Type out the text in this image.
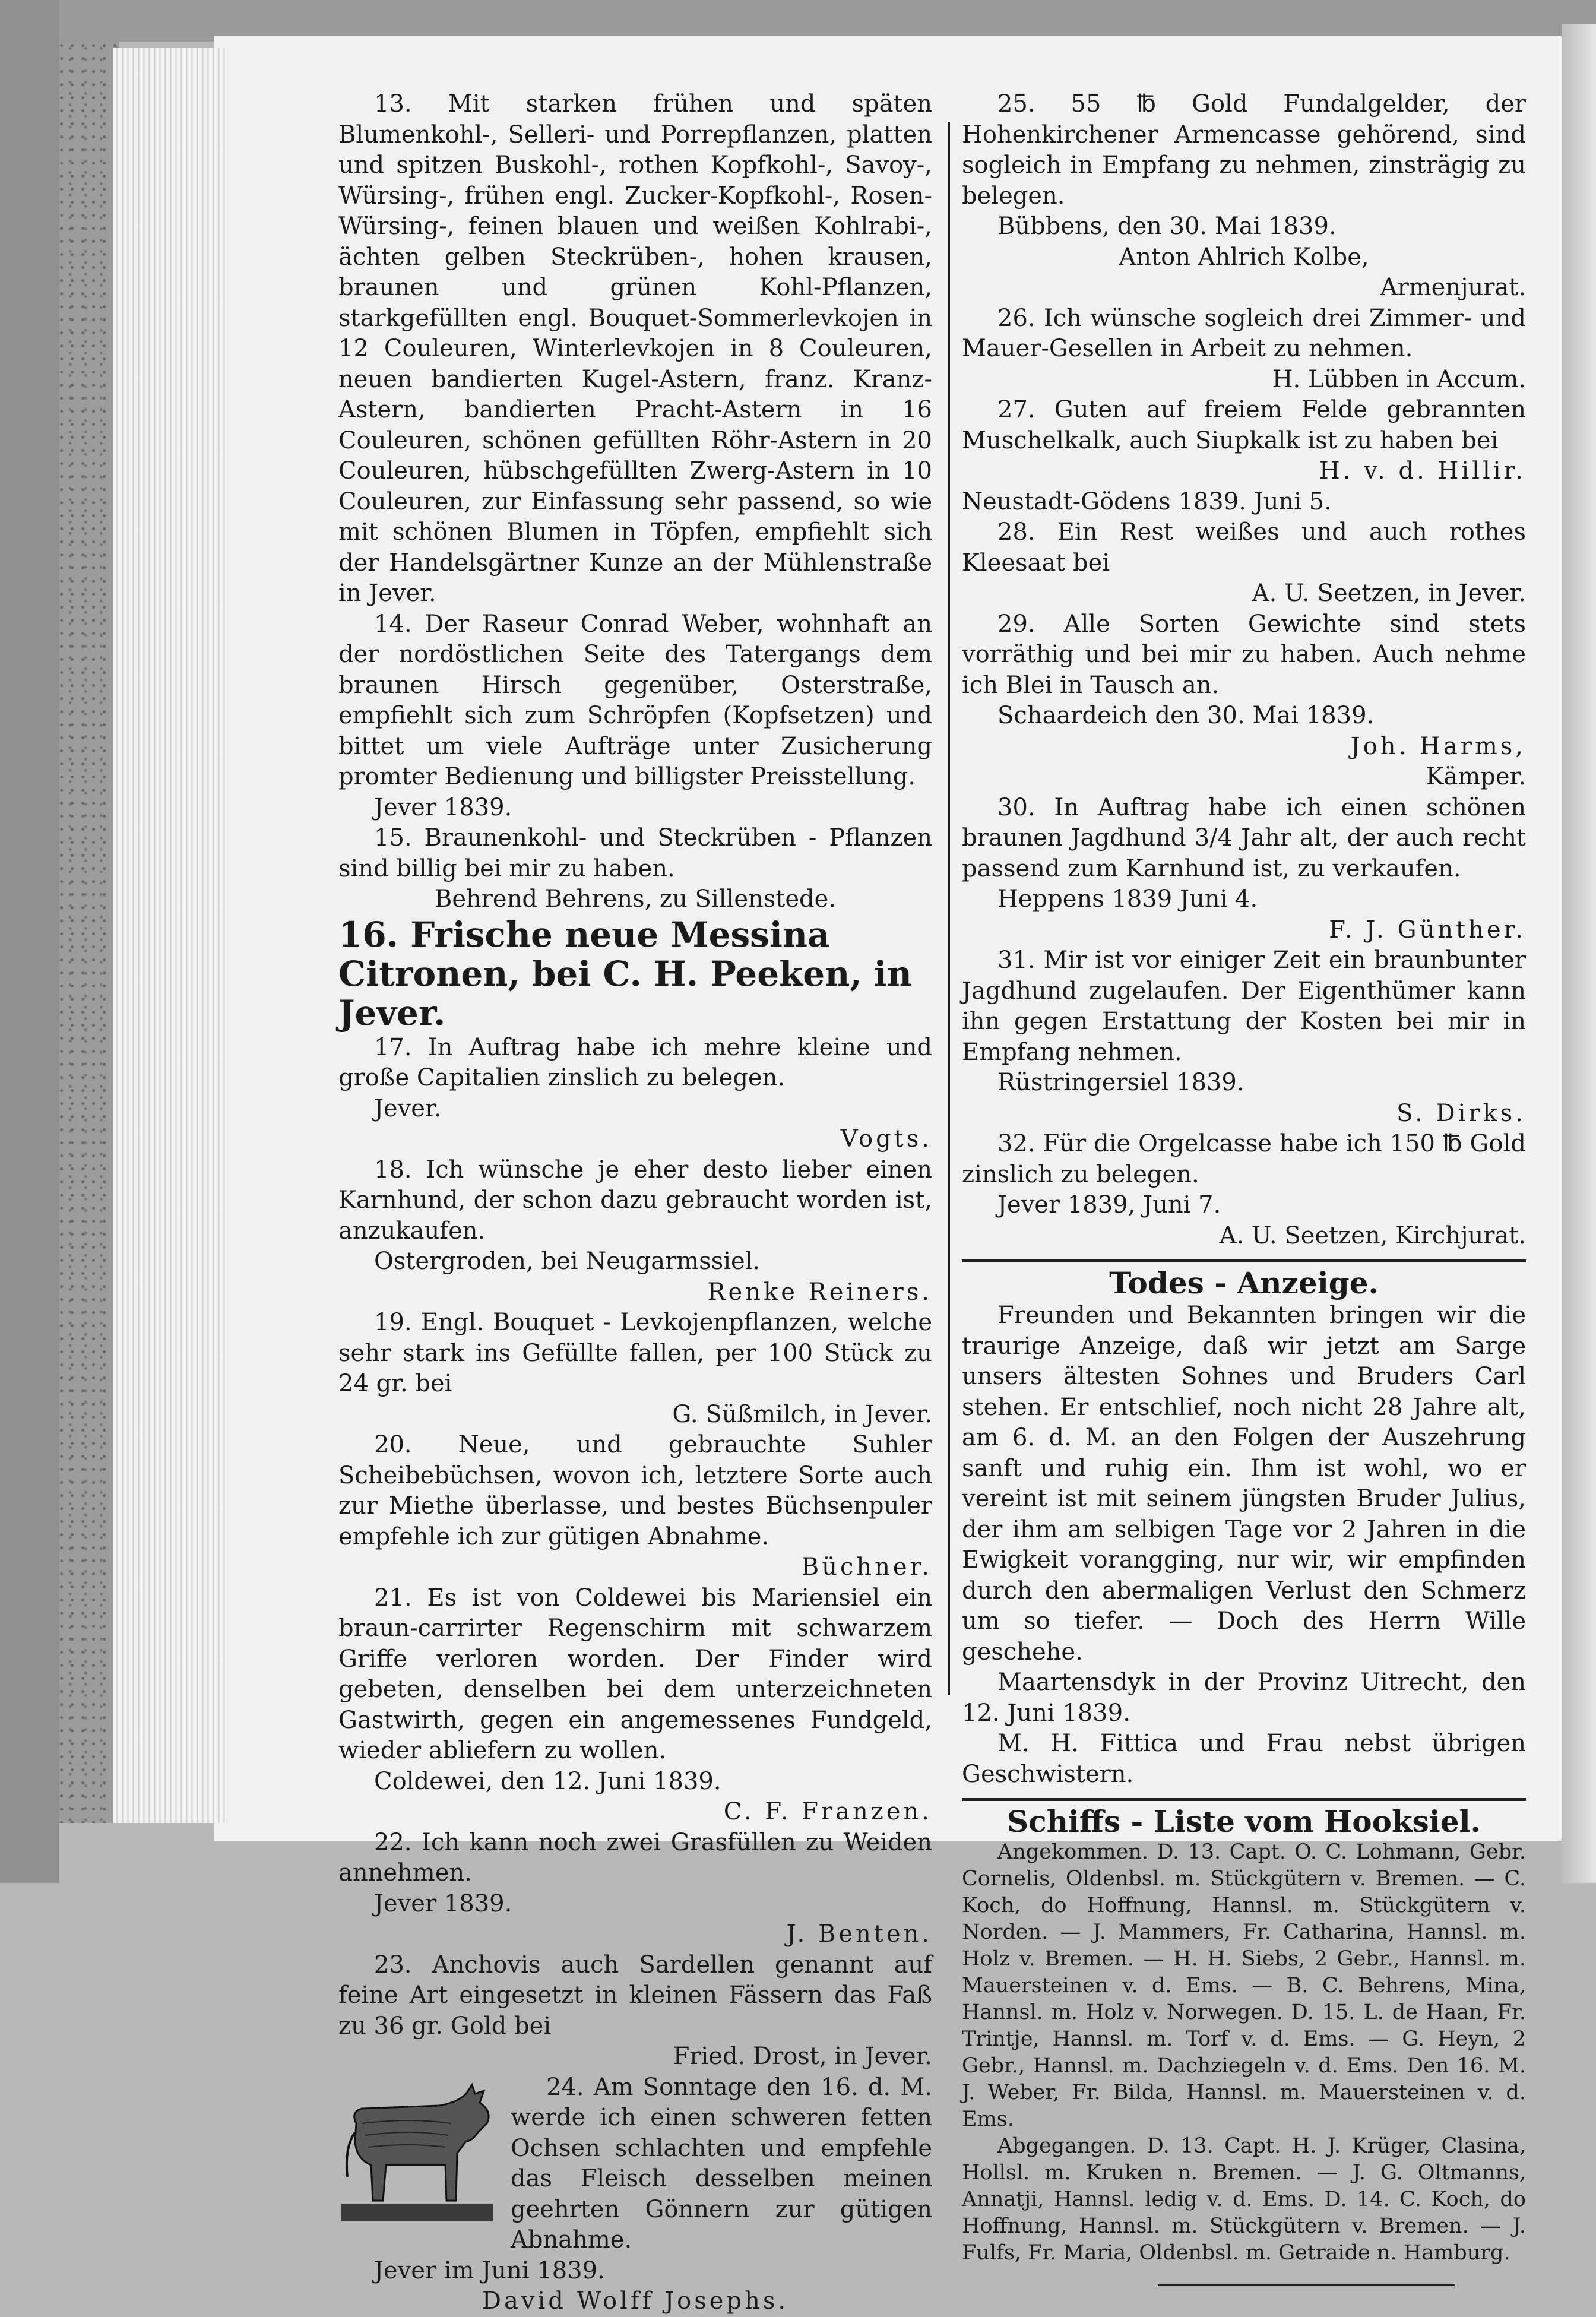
13. Mit starken frühen und späten Blumenkohl-, Selleri- und Porrepflanzen, platten und spitzen Buskohl-, rothen Kopfkohl-, Savoy-, Würsing-, frühen engl. Zucker-Kopfkohl-, Rosen-Würsing-, feinen blauen und weißen Kohlrabi-, ächten gelben Steckrüben-, hohen krausen, braunen und grünen Kohl-Pflanzen, starkgefüllten engl. Bouquet-Sommerlevkojen in 12 Couleuren, Winterlevkojen in 8 Couleuren, neuen bandierten Kugel-Astern, franz. Kranz-Astern, bandierten Pracht-Astern in 16 Couleuren, schönen gefüllten Röhr-Astern in 20 Couleuren, hübschgefüllten Zwerg-Astern in 10 Couleuren, zur Einfassung sehr passend, so wie mit schönen Blumen in Töpfen, empfiehlt sich der Handelsgärtner Kunze an der Mühlenstraße in Jever.

14. Der Raseur Conrad Weber, wohnhaft an der nordöstlichen Seite des Tatergangs dem braunen Hirsch gegenüber, Osterstraße, empfiehlt sich zum Schröpfen (Kopfsetzen) und bittet um viele Aufträge unter Zusicherung promter Bedienung und billigster Preisstellung.

Jever 1839.

15. Braunenkohl- und Steckrüben - Pflanzen sind billig bei mir zu haben.

Behrend Behrens, zu Sillenstede.

16. Frische neue Messina Citronen, bei C. H. Peeken, in Jever.

17. In Auftrag habe ich mehre kleine und große Capitalien zinslich zu belegen.

Jever.

Vogts.

18. Ich wünsche je eher desto lieber einen Karnhund, der schon dazu gebraucht worden ist, anzukaufen.

Ostergroden, bei Neugarmssiel.

Renke Reiners.

19. Engl. Bouquet - Levkojenpflanzen, welche sehr stark ins Gefüllte fallen, per 100 Stück zu 24 gr. bei

G. Süßmilch, in Jever.

20. Neue, und gebrauchte Suhler Scheibebüchsen, wovon ich, letztere Sorte auch zur Miethe überlasse, und bestes Büchsenpuler empfehle ich zur gütigen Abnahme.

Büchner.

21. Es ist von Coldewei bis Mariensiel ein braun-carrirter Regenschirm mit schwarzem Griffe verloren worden. Der Finder wird gebeten, denselben bei dem unterzeichneten Gastwirth, gegen ein angemessenes Fundgeld, wieder abliefern zu wollen.

Coldewei, den 12. Juni 1839.

C. F. Franzen.

22. Ich kann noch zwei Grasfüllen zu Weiden annehmen.

Jever 1839.

J. Benten.

23. Anchovis auch Sardellen genannt auf feine Art eingesetzt in kleinen Fässern das Faß zu 36 gr. Gold bei

Fried. Drost, in Jever.

24. Am Sonntage den 16. d. M. werde ich einen schweren fetten Ochsen schlachten und empfehle das Fleisch desselben meinen geehrten Gönnern zur gütigen Abnahme.

Jever im Juni 1839.

David Wolff Josephs.

25. 55 ℔ Gold Fundalgelder, der Hohenkirchener Armencasse gehörend, sind sogleich in Empfang zu nehmen, zinsträgig zu belegen.

Bübbens, den 30. Mai 1839.

Anton Ahlrich Kolbe,

Armenjurat.

26. Ich wünsche sogleich drei Zimmer- und Mauer-Gesellen in Arbeit zu nehmen.

H. Lübben in Accum.

27. Guten auf freiem Felde gebrannten Muschelkalk, auch Siupkalk ist zu haben bei

H. v. d. Hillir.

Neustadt-Gödens 1839. Juni 5.

28. Ein Rest weißes und auch rothes Kleesaat bei

A. U. Seetzen, in Jever.

29. Alle Sorten Gewichte sind stets vorräthig und bei mir zu haben. Auch nehme ich Blei in Tausch an.

Schaardeich den 30. Mai 1839.

Joh. Harms,

Kämper.

30. In Auftrag habe ich einen schönen braunen Jagdhund 3/4 Jahr alt, der auch recht passend zum Karnhund ist, zu verkaufen.

Heppens 1839 Juni 4.

F. J. Günther.

31. Mir ist vor einiger Zeit ein braunbunter Jagdhund zugelaufen. Der Eigenthümer kann ihn gegen Erstattung der Kosten bei mir in Empfang nehmen.

Rüstringersiel 1839.

S. Dirks.

32. Für die Orgelcasse habe ich 150 ℔ Gold zinslich zu belegen.

Jever 1839, Juni 7.

A. U. Seetzen, Kirchjurat.

Todes - Anzeige.

Freunden und Bekannten bringen wir die traurige Anzeige, daß wir jetzt am Sarge unsers ältesten Sohnes und Bruders Carl stehen. Er entschlief, noch nicht 28 Jahre alt, am 6. d. M. an den Folgen der Auszehrung sanft und ruhig ein. Ihm ist wohl, wo er vereint ist mit seinem jüngsten Bruder Julius, der ihm am selbigen Tage vor 2 Jahren in die Ewigkeit vorangging, nur wir, wir empfinden durch den abermaligen Verlust den Schmerz um so tiefer. — Doch des Herrn Wille geschehe.

Maartensdyk in der Provinz Uitrecht, den 12. Juni 1839.

M. H. Fittica und Frau nebst übrigen Geschwistern.

Schiffs - Liste vom Hooksiel.

Angekommen. D. 13. Capt. O. C. Lohmann, Gebr. Cornelis, Oldenbsl. m. Stückgütern v. Bremen. — C. Koch, do Hoffnung, Hannsl. m. Stückgütern v. Norden. — J. Mammers, Fr. Catharina, Hannsl. m. Holz v. Bremen. — H. H. Siebs, 2 Gebr., Hannsl. m. Mauersteinen v. d. Ems. — B. C. Behrens, Mina, Hannsl. m. Holz v. Norwegen. D. 15. L. de Haan, Fr. Trintje, Hannsl. m. Torf v. d. Ems. — G. Heyn, 2 Gebr., Hannsl. m. Dachziegeln v. d. Ems. Den 16. M. J. Weber, Fr. Bilda, Hannsl. m. Mauersteinen v. d. Ems.

Abgegangen. D. 13. Capt. H. J. Krüger, Clasina, Hollsl. m. Kruken n. Bremen. — J. G. Oltmanns, Annatji, Hannsl. ledig v. d. Ems. D. 14. C. Koch, do Hoffnung, Hannsl. m. Stückgütern v. Bremen. — J. Fulfs, Fr. Maria, Oldenbsl. m. Getraide n. Hamburg.
